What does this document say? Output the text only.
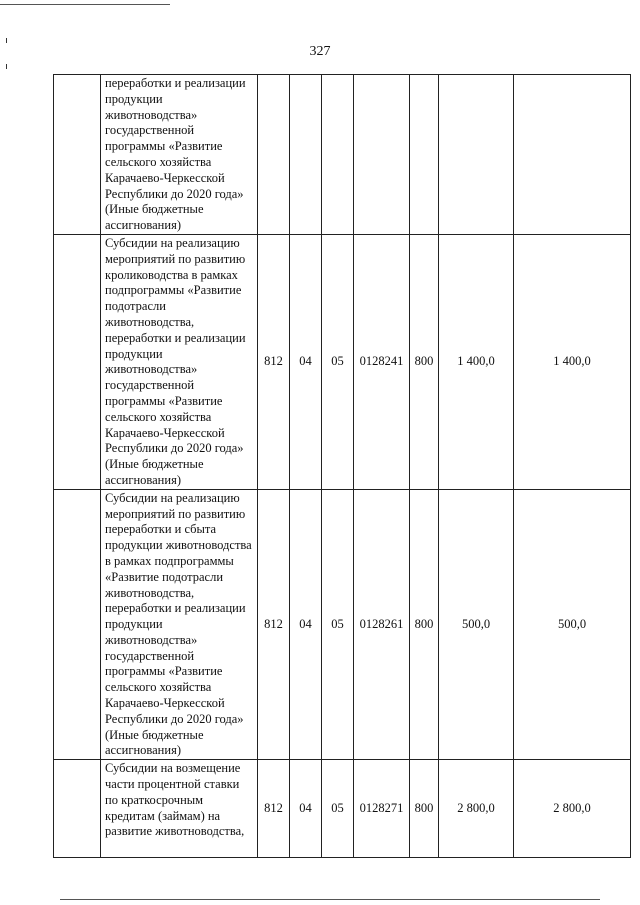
327
	переработки и реализации продукции животноводства» государственной программы «Развитие сельского хозяйства Карачаево-Черкесской Республики до 2020 года» (Иные бюджетные ассигнования)							
	Субсидии на реализацию мероприятий по развитию кролиководства в рамках подпрограммы «Развитие подотрасли животноводства, переработки и реализации продукции животноводства» государственной программы «Развитие сельского хозяйства Карачаево-Черкесской Республики до 2020 года» (Иные бюджетные ассигнования)	812	04	05	0128241	800	1 400,0	1 400,0
	Субсидии на реализацию мероприятий по развитию переработки и сбыта продукции животноводства в рамках подпрограммы «Развитие подотрасли животноводства, переработки и реализации продукции животноводства» государственной программы «Развитие сельского хозяйства Карачаево-Черкесской Республики до 2020 года» (Иные бюджетные ассигнования)	812	04	05	0128261	800	500,0	500,0
	Субсидии на возмещение части процентной ставки по краткосрочным кредитам (займам) на развитие животноводства,	812	04	05	0128271	800	2 800,0	2 800,0
